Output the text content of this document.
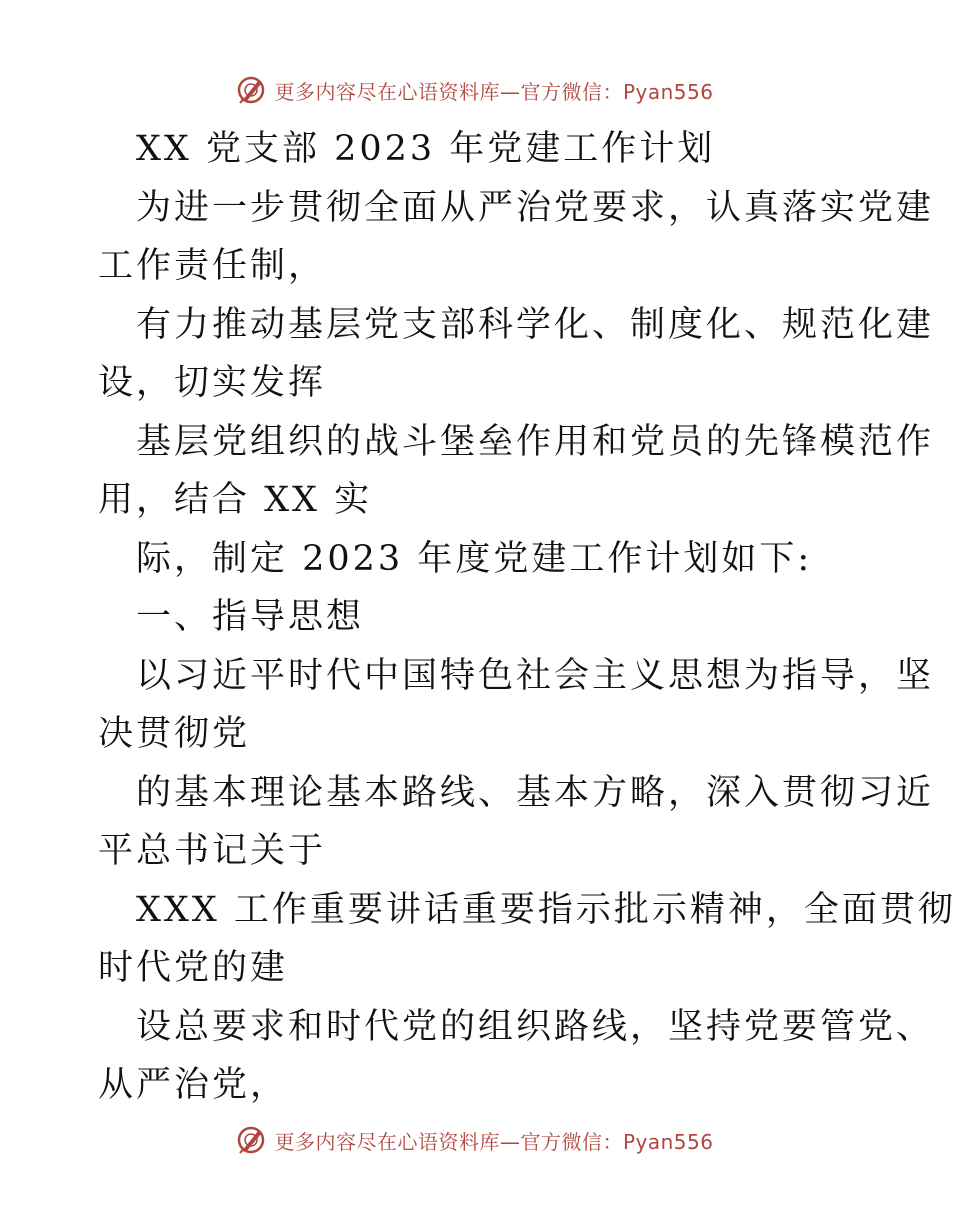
更多内容尽在心语资料库—官方微信：Pyan556
XX 党支部 2023 年党建工作计划
为进一步贯彻全面从严治党要求，认真落实党建
工作责任制，
有力推动基层党支部科学化、制度化、规范化建
设，切实发挥
基层党组织的战斗堡垒作用和党员的先锋模范作
用，结合 XX 实
际，制定 2023 年度党建工作计划如下:
一、指导思想
以习近平时代中国特色社会主义思想为指导，坚
决贯彻党
的基本理论基本路线、基本方略，深入贯彻习近
平总书记关于
XXX 工作重要讲话重要指示批示精神，全面贯彻
时代党的建
设总要求和时代党的组织路线，坚持党要管党、
从严治党，
更多内容尽在心语资料库—官方微信：Pyan556
